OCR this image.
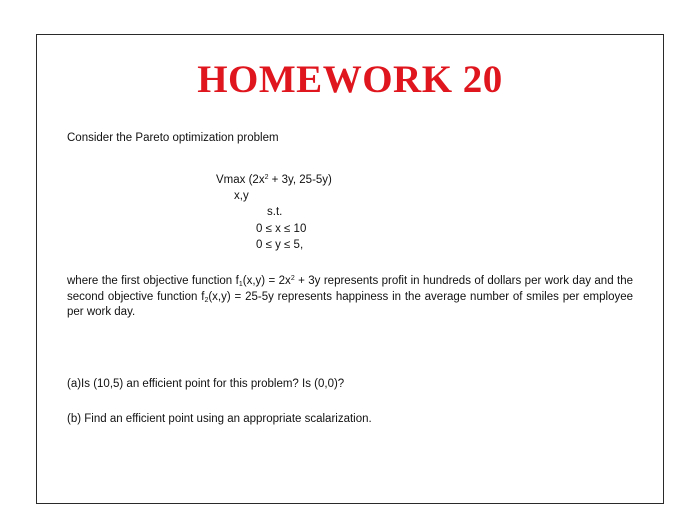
HOMEWORK 20
Consider the Pareto optimization problem
Vmax ($2x^2 + 3y$, 25-5y)
x,y
s.t.
0 ≤ x ≤ 10
0 ≤ y ≤ 5,
where the first objective function $f_1(x,y) = 2x^2 + 3y$ represents profit in hundreds of dollars per work day and the second objective function $f_2(x,y) = 25-5y$ represents happiness in the average number of smiles per employee per work day.
(a)Is (10,5) an efficient point for this problem? Is (0,0)?
(b) Find an efficient point using an appropriate scalarization.
